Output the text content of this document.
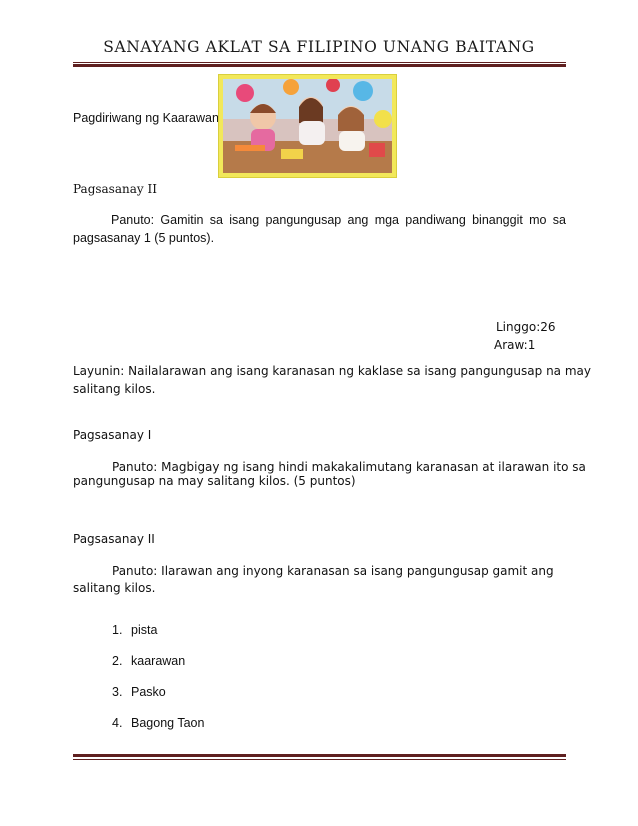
SANAYANG AKLAT SA FILIPINO UNANG BAITANG
Pagdiriwang ng Kaarawan
Pagsasanay II
Panuto: Gamitin sa isang pangungusap ang mga pandiwang binanggit mo sa pagsasanay 1 (5 puntos).
Linggo:26
Araw:1
Layunin: Nailalarawan ang isang karanasan ng kaklase sa isang pangungusap na may
salitang kilos.
Pagsasanay I
Panuto: Magbigay ng isang hindi makakalimutang karanasan at ilarawan ito sa
pangungusap na may salitang kilos. (5 puntos)
Pagsasanay II
Panuto: Ilarawan ang inyong karanasan sa isang pangungusap gamit ang
salitang kilos.
1. pista
2. kaarawan
3. Pasko
4. Bagong Taon
